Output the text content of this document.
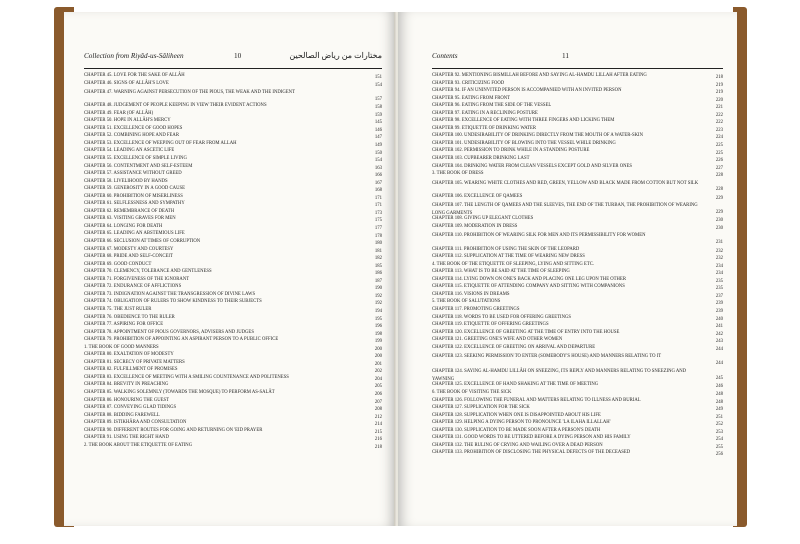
Collection from Riyâd-us-Sâliheen	10	مختارات من رياض الصالحين
CHAPTER 45. LOVE FOR THE SAKE OF ALLÂH	151
CHAPTER 46. SIGNS OF ALLÂH'S LOVE	154
CHAPTER 47. WARNING AGAINST PERSECUTION OF THE PIOUS, THE WEAK AND THE INDIGENT
157
CHAPTER 48. JUDGEMENT OF PEOPLE KEEPING IN VIEW THEIR EVIDENT ACTIONS	158
CHAPTER 49. FEAR (OF ALLÂH)	159
CHAPTER 50. HOPE IN ALLÂH'S MERCY	145
CHAPTER 51. EXCELLENCE OF GOOD HOPES	146
CHAPTER 52. COMBINING HOPE AND FEAR	147
CHAPTER 53. EXCELLENCE OF WEEPING OUT OF FEAR FROM ALLAH	149
CHAPTER 54. LEADING AN ASCETIC LIFE	150
CHAPTER 55. EXCELLENCE OF SIMPLE LIVING	154
CHAPTER 56. CONTENTMENT AND SELF-ESTEEM	163
CHAPTER 57. ASSISTANCE WITHOUT GREED	166
CHAPTER 58. LIVELIHOOD BY HANDS	167
CHAPTER 59. GENEROSITY IN A GOOD CAUSE	168
CHAPTER 60. PROHIBITION OF MISERLINESS	171
CHAPTER 61. SELFLESSNESS AND SYMPATHY	171
CHAPTER 62. REMEMBRANCE OF DEATH	173
CHAPTER 63. VISITING GRAVES FOR MEN	175
CHAPTER 64. LONGING FOR DEATH	177
CHAPTER 65. LEADING AN ABSTEMIOUS LIFE	178
CHAPTER 66. SECLUSION AT TIMES OF CORRUPTION	180
CHAPTER 67. MODESTY AND COURTESY	181
CHAPTER 68. PRIDE AND SELF-CONCEIT	182
CHAPTER 69. GOOD CONDUCT	185
CHAPTER 70. CLEMENCY, TOLERANCE AND GENTLENESS	186
CHAPTER 71. FORGIVENESS OF THE IGNORANT	187
CHAPTER 72. ENDURANCE OF AFFLICTIONS	190
CHAPTER 73. INDIGNATION AGAINST THE TRANSGRESSION OF DIVINE LAWS	192
CHAPTER 74. OBLIGATION OF RULERS TO SHOW KINDNESS TO THEIR SUBJECTS	192
CHAPTER 75. THE JUST RULER	194
CHAPTER 76. OBEDIENCE TO THE RULER	195
CHAPTER 77. ASPIRING FOR OFFICE	196
CHAPTER 78. APPOINTMENT OF PIOUS GOVERNORS, ADVISERS AND JUDGES	198
CHAPTER 79. PROHIBITION OF APPOINTING AN ASPIRANT PERSON TO A PUBLIC OFFICE	199
1. THE BOOK OF GOOD MANNERS	200
CHAPTER 80. EXALTATION OF MODESTY	200
CHAPTER 81. SECRECY OF PRIVATE MATTERS	201
CHAPTER 82. FULFILLMENT OF PROMISES	202
CHAPTER 83. EXCELLENCE OF MEETING WITH A SMILING COUNTENANCE AND POLITENESS	204
CHAPTER 84. BREVITY IN PREACHING	205
CHAPTER 85. WALKING SOLEMNLY (TOWARDS THE MOSQUE) TO PERFORM AS-SALÂT	206
CHAPTER 86. HONOURING THE GUEST	207
CHAPTER 87. CONVEYING GLAD TIDINGS	208
CHAPTER 88. BIDDING FAREWELL	212
CHAPTER 89. ISTIKHÂRA AND CONSULTATION	214
CHAPTER 90. DIFFERENT ROUTES FOR GOING AND RETURNING ON 'EID PRAYER	215
CHAPTER 91. USING THE RIGHT HAND	216
2. THE BOOK ABOUT THE ETIQUETTE OF EATING	218
Contents	11
CHAPTER 92. MENTIONING BISMILLAH BEFORE AND SAYING AL-HAMDU LILLAH AFTER EATING	218
CHAPTER 93. CRITICIZING FOOD	219
CHAPTER 94. IF AN UNINVITED PERSON IS ACCOMPANIED WITH AN INVITED PERSON	219
CHAPTER 95. EATING FROM FRONT	220
CHAPTER 96. EATING FROM THE SIDE OF THE VESSEL	221
CHAPTER 97. EATING IN A RECLINING POSTURE	222
CHAPTER 98. EXCELLENCE OF EATING WITH THREE FINGERS AND LICKING THEM	222
CHAPTER 99. ETIQUETTE OF DRINKING WATER	223
CHAPTER 100. UNDESIRABILITY OF DRINKING DIRECTLY FROM THE MOUTH OF A WATER-SKIN	224
CHAPTER 101. UNDESIRABILITY OF BLOWING INTO THE VESSEL WHILE DRINKING	225
CHAPTER 102. PERMISSION TO DRINK WHILE IN A STANDING POSTURE	225
CHAPTER 103. CUPBEARER DRINKING LAST	226
CHAPTER 104. DRINKING WATER FROM CLEAN VESSELS EXCEPT GOLD AND SILVER ONES	227
3. THE BOOK OF DRESS	228
CHAPTER 105. WEARING WHITE CLOTHES AND RED, GREEN, YELLOW AND BLACK MADE FROM COTTON BUT NOT SILK
228
CHAPTER 106. EXCELLENCE OF QAMEES	229
CHAPTER 107. THE LENGTH OF QAMEES AND THE SLEEVES, THE END OF THE TURBAN, THE PROHIBITION OF WEARING LONG GARMENTS	229
CHAPTER 108. GIVING UP ELEGANT CLOTHES	230
CHAPTER 109. MODERATION IN DRESS	230
CHAPTER 110. PROHIBITION OF WEARING SILK FOR MEN AND ITS PERMISSIBILITY FOR WOMEN
231
CHAPTER 111. PROHIBITION OF USING THE SKIN OF THE LEOPARD	232
CHAPTER 112. SUPPLICATION AT THE TIME OF WEARING NEW DRESS	232
4. THE BOOK OF THE ETIQUETTE OF SLEEPING, LYING AND SITTING ETC.	234
CHAPTER 113. WHAT IS TO BE SAID AT THE TIME OF SLEEPING	234
CHAPTER 114. LYING DOWN ON ONE'S BACK AND PLACING ONE LEG UPON THE OTHER	235
CHAPTER 115. ETIQUETTE OF ATTENDING COMPANY AND SITTING WITH COMPANIONS	235
CHAPTER 116. VISIONS IN DREAMS	237
5. THE BOOK OF SALUTATIONS	239
CHAPTER 117. PROMOTING GREETINGS	239
CHAPTER 118. WORDS TO BE USED FOR OFFERING GREETINGS	240
CHAPTER 119. ETIQUETTE OF OFFERING GREETINGS	241
CHAPTER 120. EXCELLENCE OF GREETING AT THE TIME OF ENTRY INTO THE HOUSE	242
CHAPTER 121. GREETING ONE'S WIFE AND OTHER WOMEN	243
CHAPTER 122. EXCELLENCE OF GREETING ON ARRIVAL AND DEPARTURE	244
CHAPTER 123. SEEKING PERMISSION TO ENTER (SOMEBODY'S HOUSE) AND MANNERS RELATING TO IT
244
CHAPTER 124. SAYING AL-HAMDU LILLÂH ON SNEEZING, ITS REPLY AND MANNERS RELATING TO SNEEZING AND YAWNING	245
CHAPTER 125. EXCELLENCE OF HAND SHAKING AT THE TIME OF MEETING	246
6. THE BOOK OF VISITING THE SICK	248
CHAPTER 126. FOLLOWING THE FUNERAL AND MATTERS RELATING TO ILLNESS AND BURIAL	248
CHAPTER 127. SUPPLICATION FOR THE SICK	249
CHAPTER 128. SUPPLICATION WHEN ONE IS DISAPPOINTED ABOUT HIS LIFE	251
CHAPTER 129. HELPING A DYING PERSON TO PRONOUNCE 'LA ILAHA ILLALLAH'	252
CHAPTER 130. SUPPLICATION TO BE MADE SOON AFTER A PERSON'S DEATH	253
CHAPTER 131. GOOD WORDS TO BE UTTERED BEFORE A DYING PERSON AND HIS FAMILY	254
CHAPTER 132. THE RULING OF CRYING AND WAILING OVER A DEAD PERSON	255
CHAPTER 133. PROHIBITION OF DISCLOSING THE PHYSICAL DEFECTS OF THE DECEASED	256
